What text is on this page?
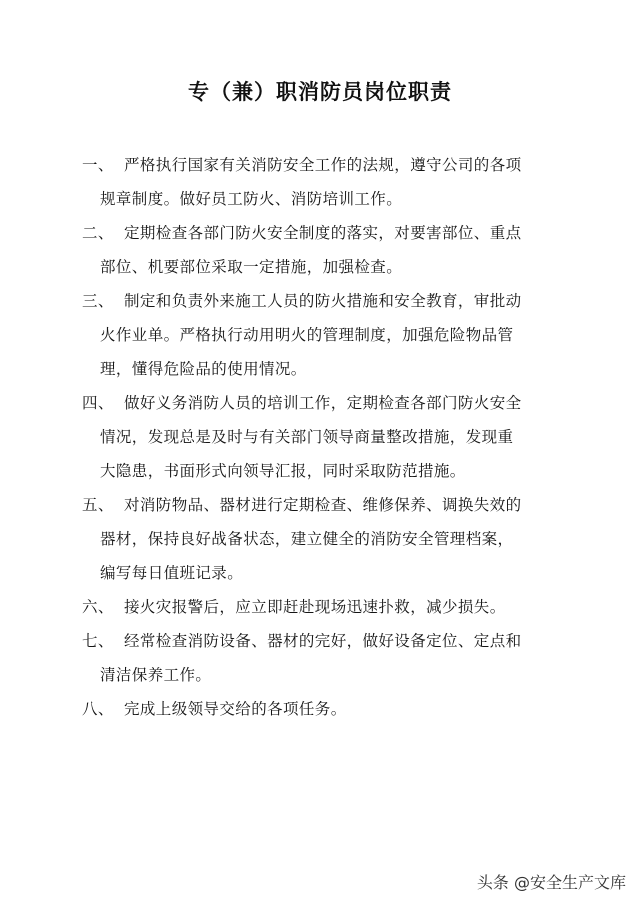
专（兼）职消防员岗位职责
一、 严格执行国家有关消防安全工作的法规，遵守公司的各项规章制度。做好员工防火、消防培训工作。
二、 定期检查各部门防火安全制度的落实，对要害部位、重点部位、机要部位采取一定措施，加强检查。
三、 制定和负责外来施工人员的防火措施和安全教育，审批动火作业单。严格执行动用明火的管理制度，加强危险物品管理，懂得危险品的使用情况。
四、 做好义务消防人员的培训工作，定期检查各部门防火安全情况，发现总是及时与有关部门领导商量整改措施，发现重大隐患，书面形式向领导汇报，同时采取防范措施。
五、 对消防物品、器材进行定期检查、维修保养、调换失效的器材，保持良好战备状态，建立健全的消防安全管理档案，编写每日值班记录。
六、 接火灾报警后，应立即赶赴现场迅速扑救，减少损失。
七、 经常检查消防设备、器材的完好，做好设备定位、定点和清洁保养工作。
八、 完成上级领导交给的各项任务。
头条 @安全生产文库
